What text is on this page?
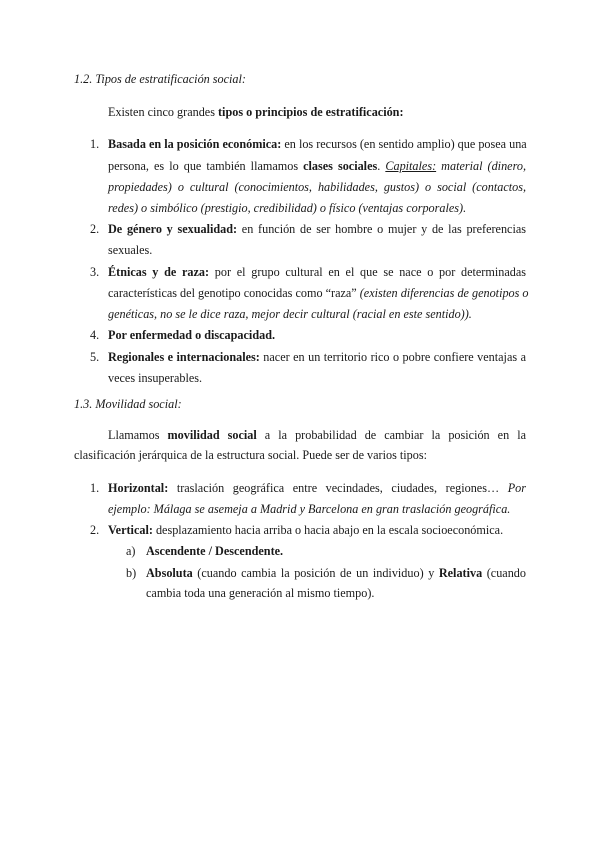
1.2. Tipos de estratificación social:
Existen cinco grandes tipos o principios de estratificación:
1. Basada en la posición económica: en los recursos (en sentido amplio) que posea una
persona, es lo que también llamamos clases sociales. Capitales: material (dinero,
propiedades) o cultural (conocimientos, habilidades, gustos) o social (contactos,
redes) o simbólico (prestigio, credibilidad) o físico (ventajas corporales).
2. De género y sexualidad: en función de ser hombre o mujer y de las preferencias
sexuales.
3. Étnicas y de raza: por el grupo cultural en el que se nace o por determinadas
características del genotipo conocidas como “raza” (existen diferencias de genotipos o
genéticas, no se le dice raza, mejor decir cultural (racial en este sentido)).
4. Por enfermedad o discapacidad.
5. Regionales e internacionales: nacer en un territorio rico o pobre confiere ventajas a
veces insuperables.
1.3. Movilidad social:
Llamamos movilidad social a la probabilidad de cambiar la posición en la
clasificación jerárquica de la estructura social. Puede ser de varios tipos:
1. Horizontal: traslación geográfica entre vecindades, ciudades, regiones… Por
ejemplo: Málaga se asemeja a Madrid y Barcelona en gran traslación geográfica.
2. Vertical: desplazamiento hacia arriba o hacia abajo en la escala socioeconómica.
a) Ascendente / Descendente.
b) Absoluta (cuando cambia la posición de un individuo) y Relativa (cuando
cambia toda una generación al mismo tiempo).
